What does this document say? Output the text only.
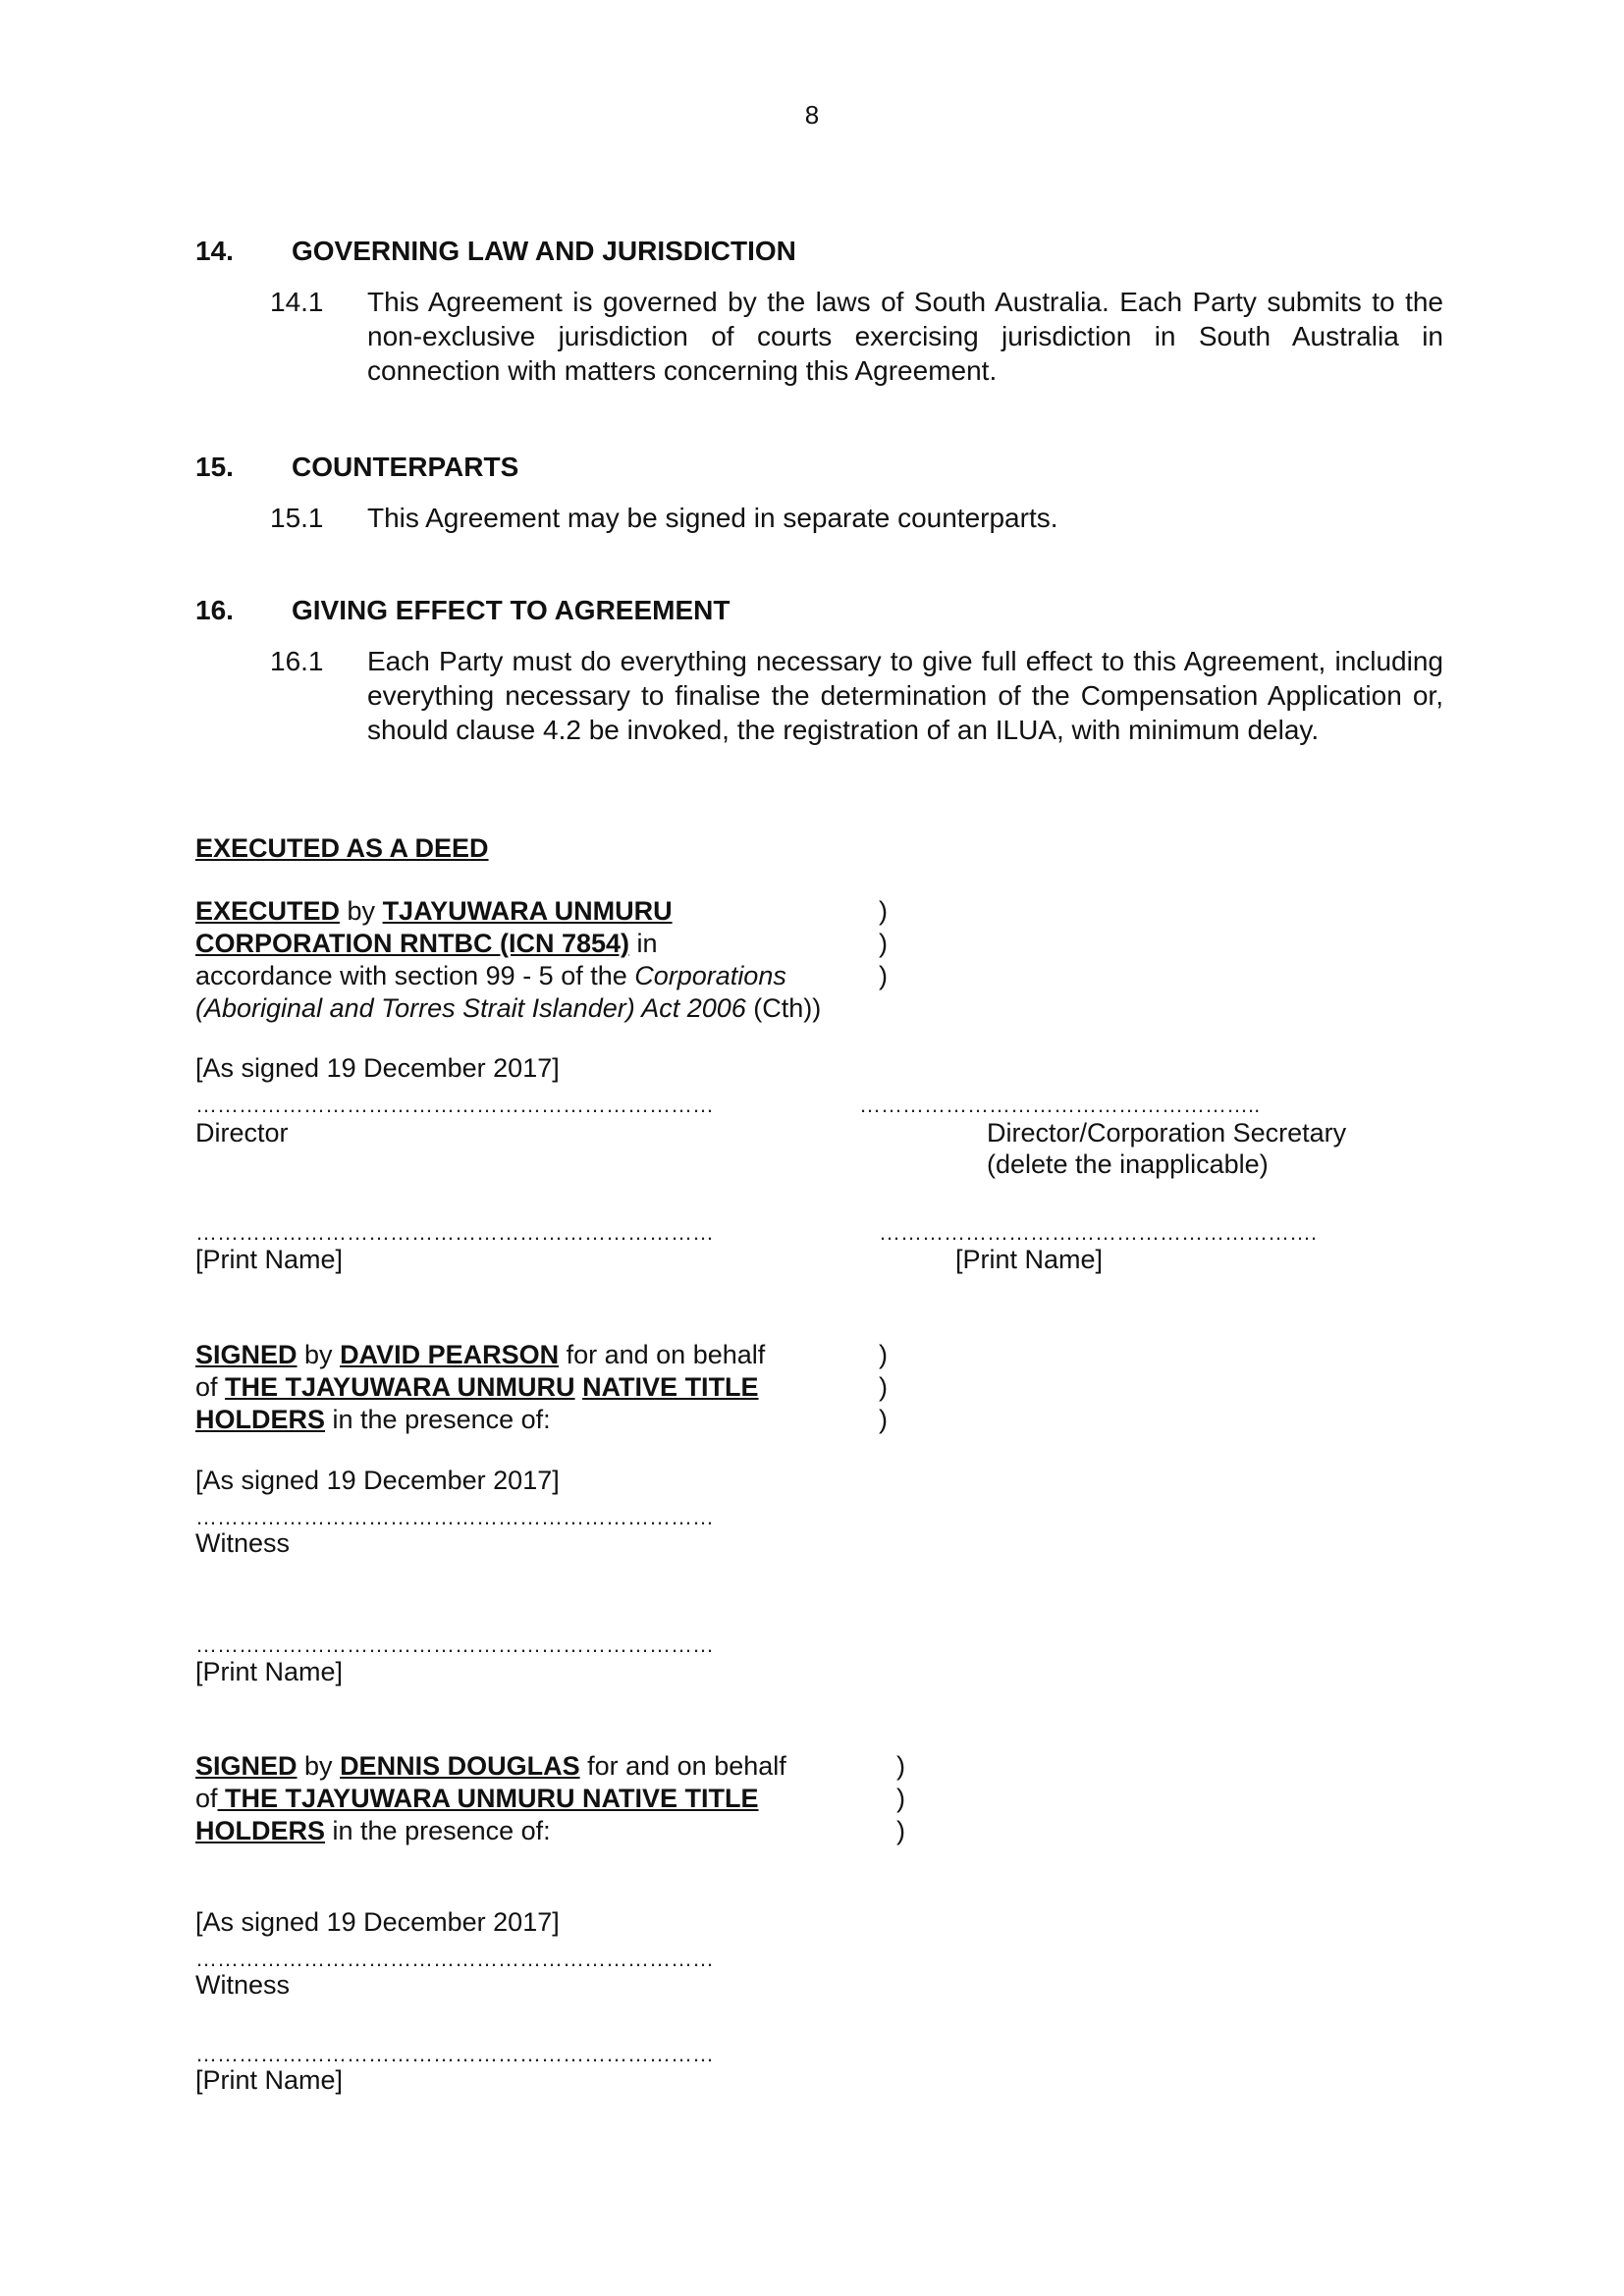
8
14. GOVERNING LAW AND JURISDICTION
14.1 This Agreement is governed by the laws of South Australia. Each Party submits to the non-exclusive jurisdiction of courts exercising jurisdiction in South Australia in connection with matters concerning this Agreement.
15. COUNTERPARTS
15.1 This Agreement may be signed in separate counterparts.
16. GIVING EFFECT TO AGREEMENT
16.1 Each Party must do everything necessary to give full effect to this Agreement, including everything necessary to finalise the determination of the Compensation Application or, should clause 4.2 be invoked, the registration of an ILUA, with minimum delay.
EXECUTED AS A DEED
EXECUTED by TJAYUWARA UNMURU
CORPORATION RNTBC (ICN 7854) in
accordance with section 99 - 5 of the Corporations
(Aboriginal and Torres Strait Islander) Act 2006 (Cth))
)
)
)
[As signed 19 December 2017]
………………………………………………………………	………………………………………………..
Director	Director/Corporation Secretary
(delete the inapplicable)
………………………………………………………………	…………………………………………………….
[Print Name]	[Print Name]
SIGNED by DAVID PEARSON for and on behalf
of THE TJAYUWARA UNMURU NATIVE TITLE
HOLDERS in the presence of:
)
)
)
[As signed 19 December 2017]
………………………………………………………………
Witness
………………………………………………………………
[Print Name]
SIGNED by DENNIS DOUGLAS for and on behalf
of THE TJAYUWARA UNMURU NATIVE TITLE
HOLDERS in the presence of:
)
)
)
[As signed 19 December 2017]
………………………………………………………………
Witness
………………………………………………………………
[Print Name]
